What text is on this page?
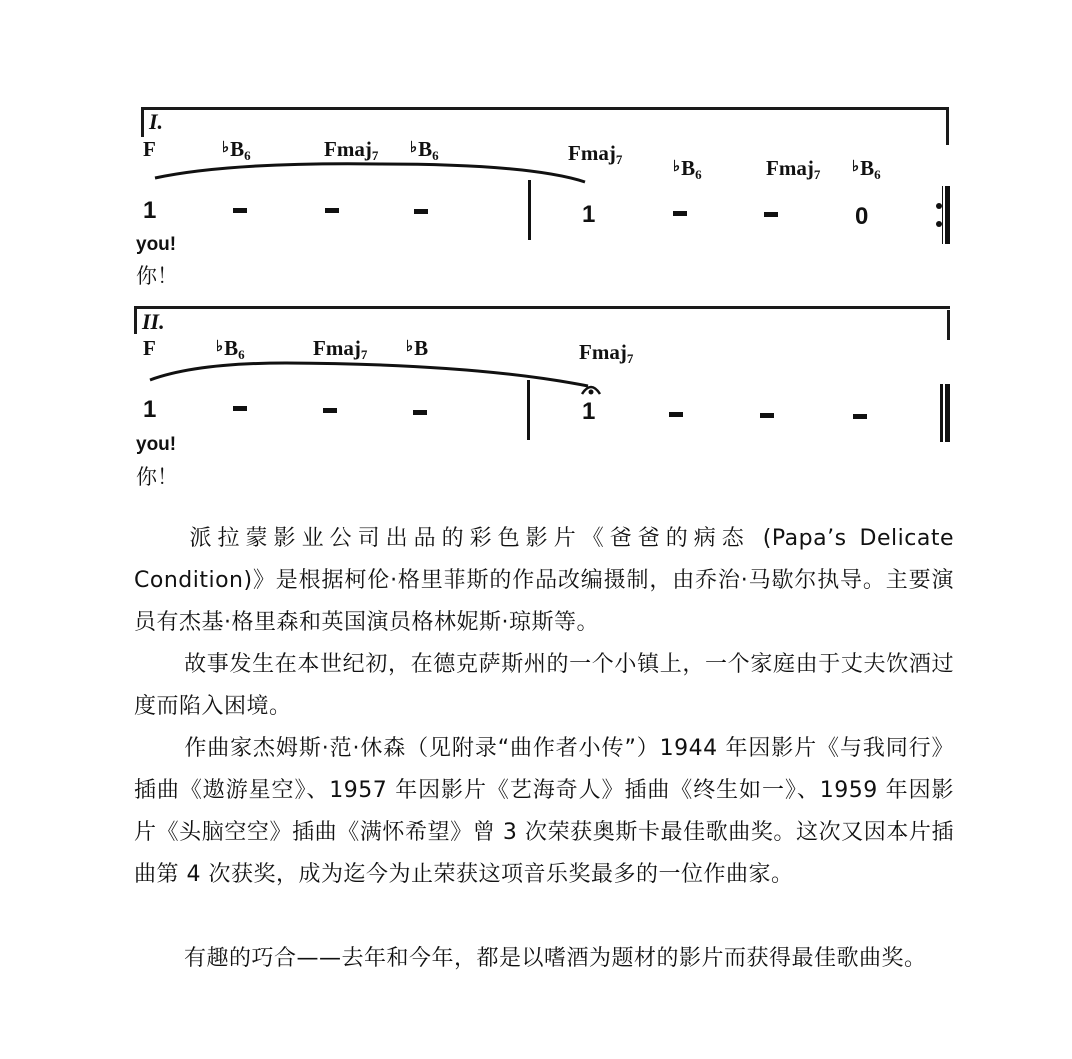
I.
F	$♭B_6$	Fmaj$_7$ $♭B_6$	Fmaj$_7$	$♭B_6$	Fmaj$_7$ $♭B_6$
1	1	0
you!
你！
II.
F	$♭B_6$	Fmaj$_7$	♭B	Fmaj$_7$
1	1
you!
你！

派拉蒙影业公司出品的彩色影片《爸爸的病态 (Papa’s Delicate Condition)》是根据柯伦·格里菲斯的作品改编摄制，由乔治·马歇尔执导。主要演员有杰基·格里森和英国演员格林妮斯·琼斯等。

故事发生在本世纪初，在德克萨斯州的一个小镇上，一个家庭由于丈夫饮酒过度而陷入困境。

作曲家杰姆斯·范·休森（见附录“曲作者小传”）1944 年因影片《与我同行》插曲《遨游星空》、1957 年因影片《艺海奇人》插曲《终生如一》、1959 年因影片《头脑空空》插曲《满怀希望》曾 3 次荣获奥斯卡最佳歌曲奖。这次又因本片插曲第 4 次获奖，成为迄今为止荣获这项音乐奖最多的一位作曲家。

有趣的巧合——去年和今年，都是以嗜酒为题材的影片而获得最佳歌曲奖。
